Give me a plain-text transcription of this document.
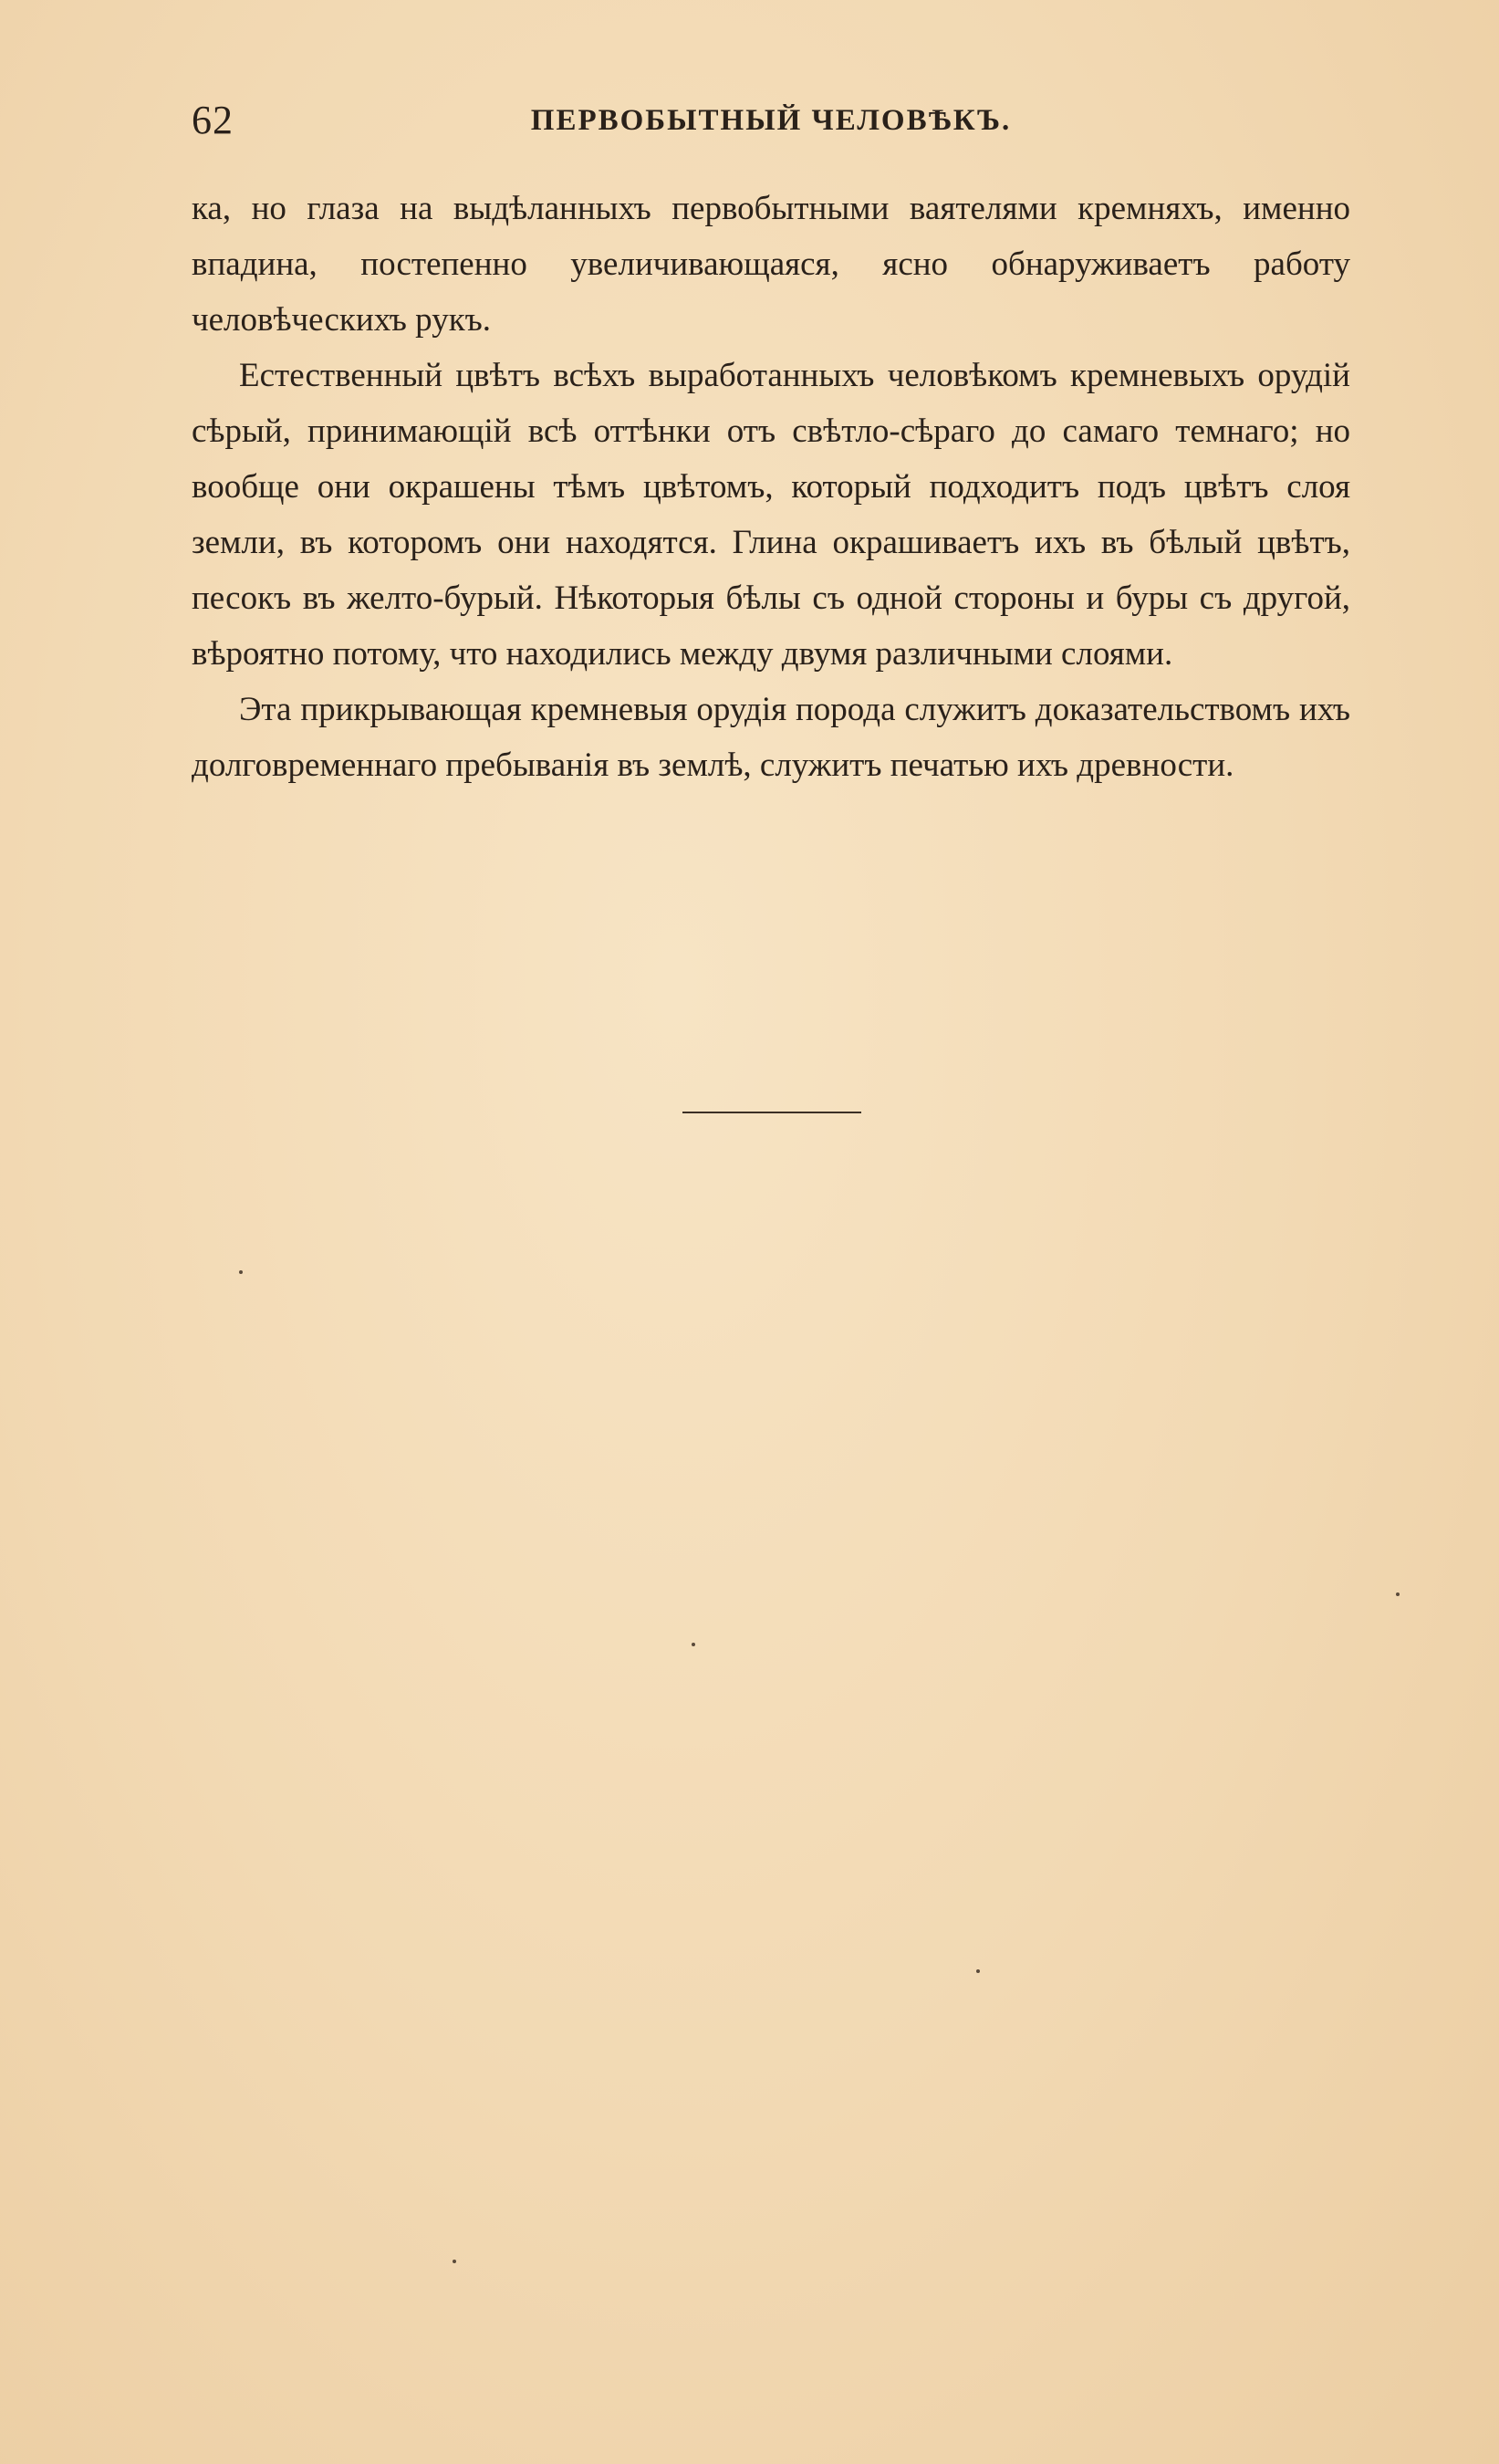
62	ПЕРВОБЫТНЫЙ ЧЕЛОВѢКЪ.

ка, но глаза на выдѣланныхъ первобытными ваятелями кремняхъ, именно впадина, постепенно увеличивающаяся, ясно обнаруживаетъ работу человѣческихъ рукъ.

Естественный цвѣтъ всѣхъ выработанныхъ человѣкомъ кремневыхъ орудій сѣрый, принимающій всѣ оттѣнки отъ свѣтло-сѣраго до самаго темнаго; но вообще они окрашены тѣмъ цвѣтомъ, который подходитъ подъ цвѣтъ слоя земли, въ которомъ они находятся. Глина окрашиваетъ ихъ въ бѣлый цвѣтъ, песокъ въ желто-бурый. Нѣкоторыя бѣлы съ одной стороны и буры съ другой, вѣроятно потому, что находились между двумя различными слоями.

Эта прикрывающая кремневыя орудія порода служитъ доказательствомъ ихъ долговременнаго пребыванія въ землѣ, служитъ печатью ихъ древности.
